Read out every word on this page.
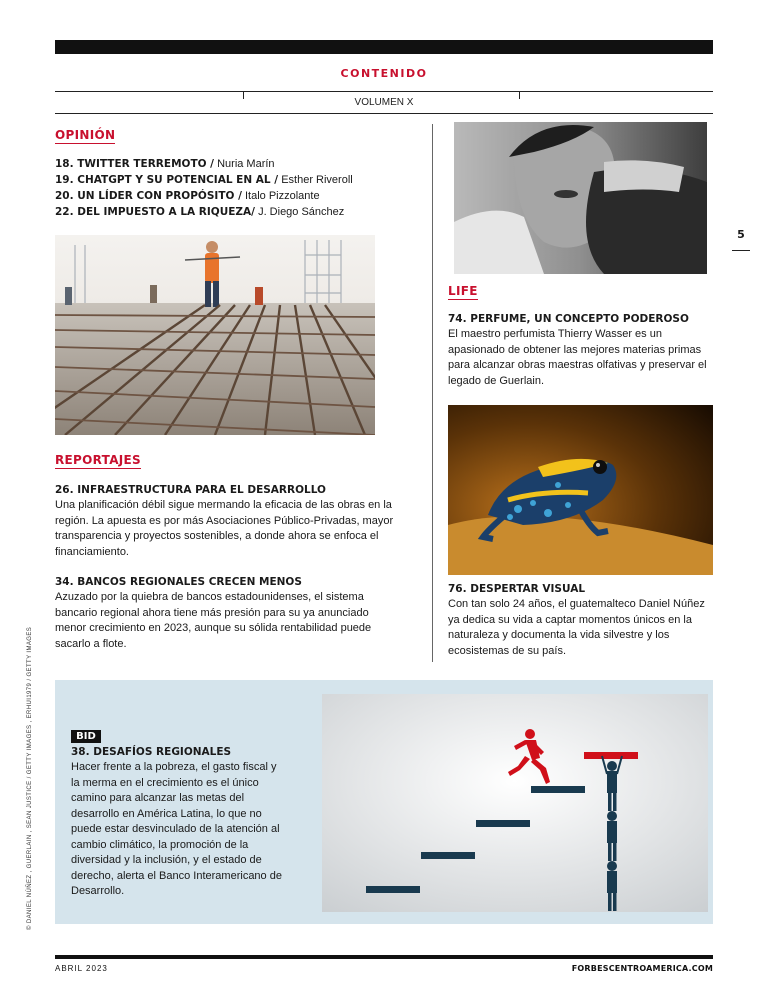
CONTENIDO
VOLUMEN X
OPINIÓN
18. TWITTER TERREMOTO / Nuria Marín
19. CHATGPT Y SU POTENCIAL EN AL / Esther Riveroll
20. UN LÍDER CON PROPÓSITO / Italo Pizzolante
22. DEL IMPUESTO A LA RIQUEZA/ J. Diego Sánchez
REPORTAJES
26. INFRAESTRUCTURA PARA EL DESARROLLO
Una planificación débil sigue mermando la eficacia de las obras en la región. La apuesta es por más Asociaciones Público-Privadas, mayor transparencia y proyectos sostenibles, a donde ahora se enfoca el financiamiento.
34. BANCOS REGIONALES CRECEN MENOS
Azuzado por la quiebra de bancos estadounidenses, el sistema bancario regional ahora tiene más presión para su ya anunciado menor crecimiento en 2023, aunque su sólida rentabilidad puede sacarlo a flote.
5
LIFE
74. PERFUME, UN CONCEPTO PODEROSO
El maestro perfumista Thierry Wasser es un apasionado de obtener las mejores materias primas para alcanzar obras maestras olfativas y preservar el legado de Guerlain.
76. DESPERTAR VISUAL
Con tan solo 24 años, el guatemalteco Daniel Núñez ya dedica su vida a captar momentos únicos en la naturaleza y documenta la vida silvestre y los ecosistemas de su país.
© DANIEL NÚÑEZ , GUERLAIN , SEAN JUSTICE / GETTY IMAGES , ERHUI1979 / GETTY IMAGES	BID
38. DESAFÍOS REGIONALES
Hacer frente a la pobreza, el gasto fiscal y la merma en el crecimiento es el único camino para alcanzar las metas del desarrollo en América Latina, lo que no puede estar desvinculado de la atención al cambio climático, la promoción de la diversidad y la inclusión, y el estado de derecho, alerta el Banco Interamericano de Desarrollo.
ABRIL 2023	FORBESCENTROAMERICA.COM
